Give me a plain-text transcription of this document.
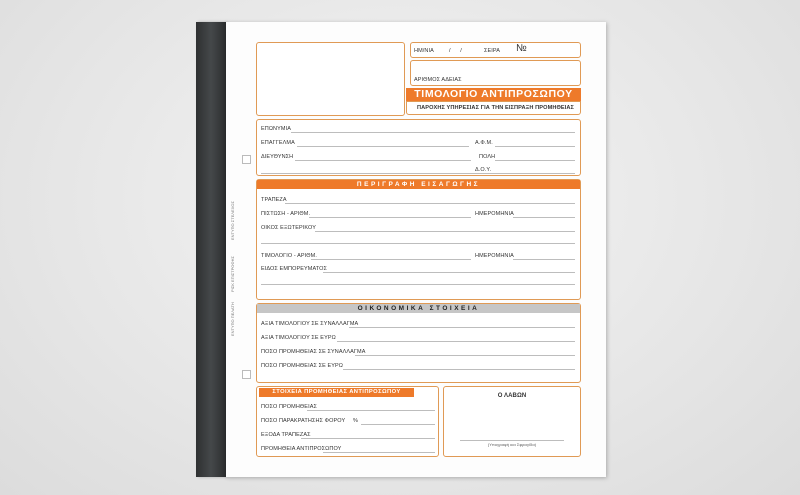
ΕΝΤΥΠΟ ΣΤΕΛΕΧΟΣ
ΡΙΣΚ ΕΠΙΣΤΡΟΦΗΣ
ΕΝΤΥΠΟ ΠΕΛΑΤΗ
ΗΜ/ΝΙΑ	/ /	ΣΕΙΡΑ №
ΑΡΙΘΜΟΣ ΑΔΕΙΑΣ
ΤΙΜΟΛΟΓΙΟ ΑΝΤΙΠΡΟΣΩΠΟΥ
ΠΑΡΟΧΗΣ ΥΠΗΡΕΣΙΑΣ ΓΙΑ ΤΗΝ ΕΙΣΠΡΑΞΗ ΠΡΟΜΗΘΕΙΑΣ
ΕΠΩΝΥΜΙΑ
ΕΠΑΓΓΕΛΜΑ	Α.Φ.Μ.
ΔΙΕΥΘΥΝΣΗ	ΠΟΛΗ
Δ.Ο.Υ.
ΠΕΡΙΓΡΑΦΗ ΕΙΣΑΓΩΓΗΣ
ΤΡΑΠΕΖΑ
ΠΙΣΤΩΣΗ - ΑΡΙΘΜ.	ΗΜΕΡΟΜΗΝΙΑ
ΟΙΚΟΣ ΕΞΩΤΕΡΙΚΟΥ
ΤΙΜΟΛΟΓΙΟ - ΑΡΙΘΜ.	ΗΜΕΡΟΜΗΝΙΑ
ΕΙΔΟΣ ΕΜΠΟΡΕΥΜΑΤΟΣ
ΟΙΚΟΝΟΜΙΚΑ ΣΤΟΙΧΕΙΑ
ΑΞΙΑ ΤΙΜΟΛΟΓΙΟΥ ΣΕ ΣΥΝΑΛΛΑΓΜΑ
ΑΞΙΑ ΤΙΜΟΛΟΓΙΟΥ ΣΕ ΕΥΡΩ
ΠΟΣΟ ΠΡΟΜΗΘΕΙΑΣ ΣΕ ΣΥΝΑΛΛΑΓΜΑ
ΠΟΣΟ ΠΡΟΜΗΘΕΙΑΣ ΣΕ ΕΥΡΩ
ΣΤΟΙΧΕΙΑ ΠΡΟΜΗΘΕΙΑΣ ΑΝΤΙΠΡΟΣΩΠΟΥ
ΠΟΣΟ ΠΡΟΜΗΘΕΙΑΣ
ΠΟΣΟ ΠΑΡΑΚΡΑΤΗΣΗΣ ΦΟΡΟΥ %
ΕΞΟΔΑ ΤΡΑΠΕΖΑΣ
ΠΡΟΜΗΘΕΙΑ ΑΝΤΙΠΡΟΣΩΠΟΥ
Ο ΛΑΒΩΝ
(Υπογραφή και Σφραγίδα)
